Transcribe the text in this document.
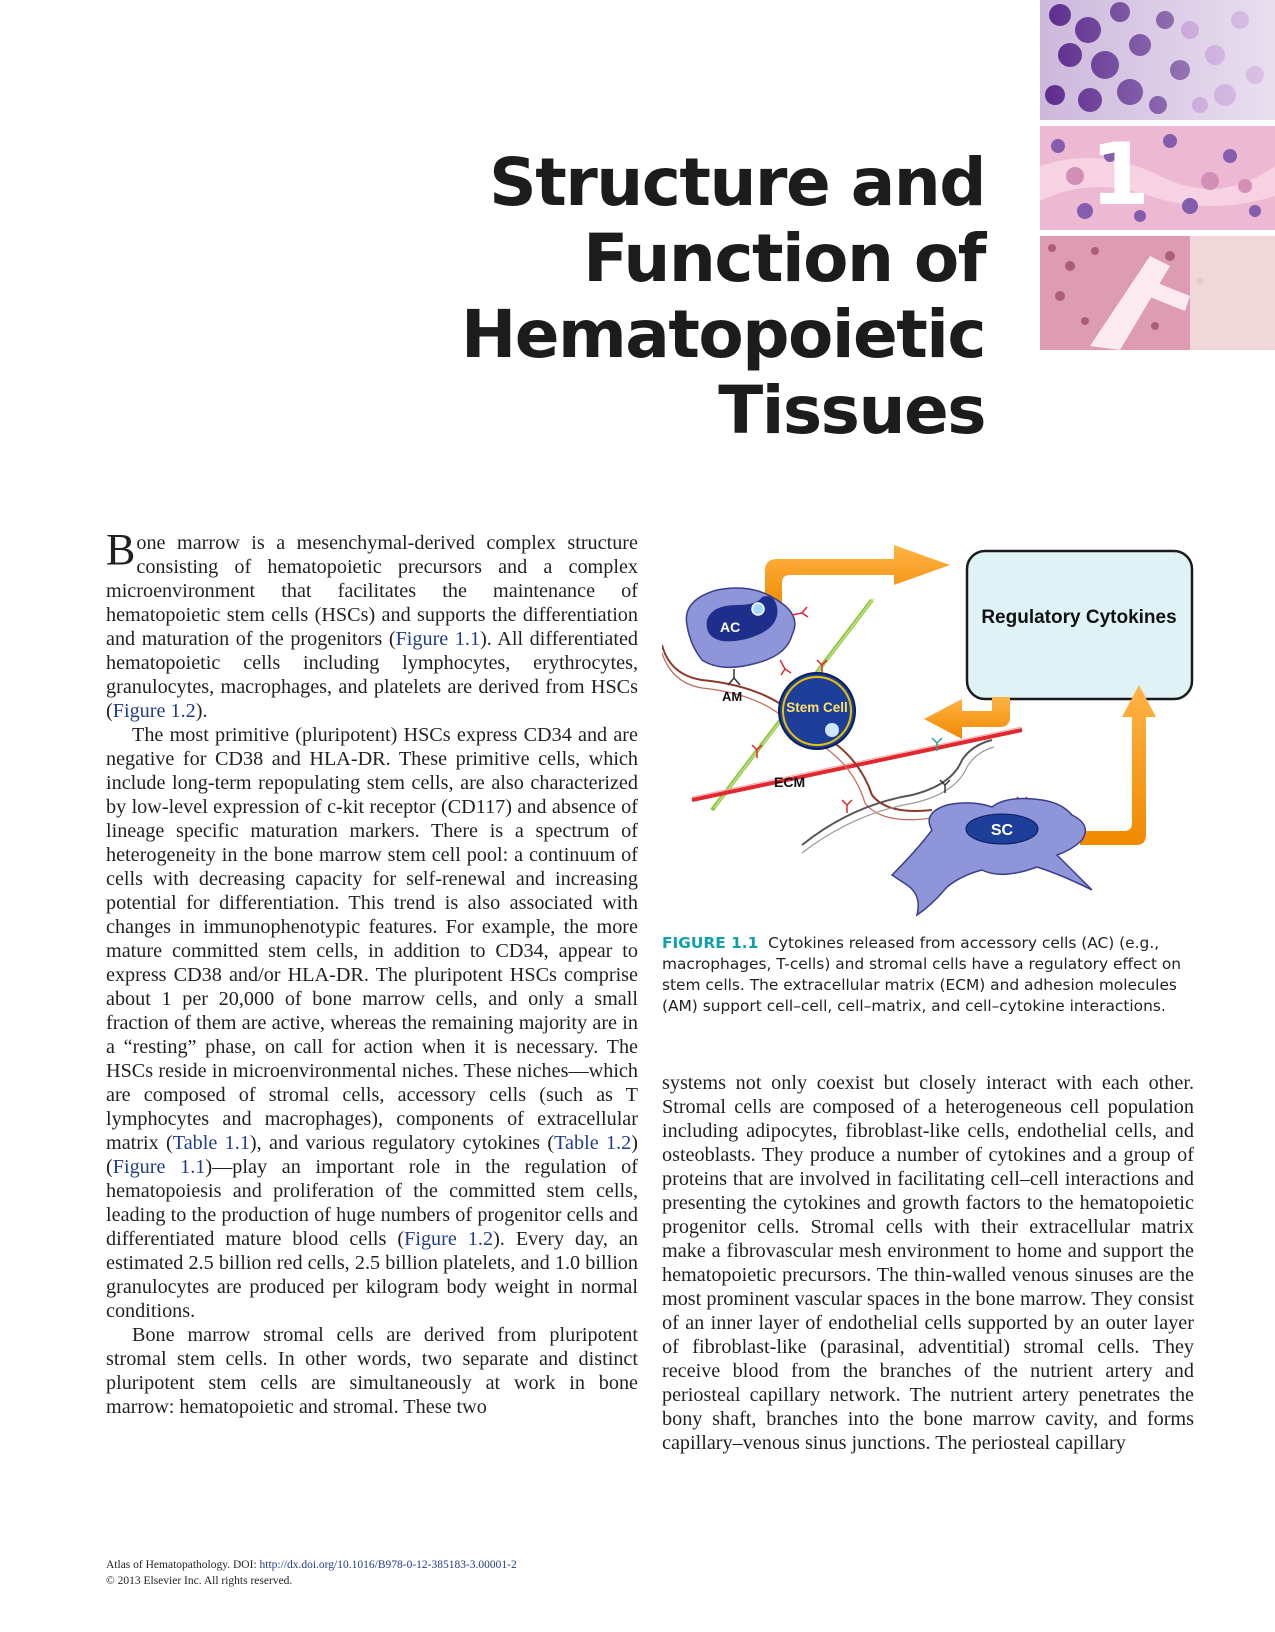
1
Structure and
Function of
Hematopoietic Tissues

Bone marrow is a mesenchymal-derived complex structure consisting of hematopoietic precursors and a complex microenvironment that facilitates the maintenance of hematopoietic stem cells (HSCs) and supports the differentiation and maturation of the progenitors (Figure 1.1). All differentiated hematopoietic cells including lymphocytes, erythrocytes, granulocytes, macrophages, and platelets are derived from HSCs (Figure 1.2).

The most primitive (pluripotent) HSCs express CD34 and are negative for CD38 and HLA-DR. These primitive cells, which include long-term repopulating stem cells, are also characterized by low-level expression of c-kit receptor (CD117) and absence of lineage specific maturation markers. There is a spectrum of heterogeneity in the bone marrow stem cell pool: a continuum of cells with decreasing capacity for self-renewal and increasing potential for differentiation. This trend is also associated with changes in immunophenotypic features. For example, the more mature committed stem cells, in addition to CD34, appear to express CD38 and/or HLA-DR. The pluripotent HSCs comprise about 1 per 20,000 of bone marrow cells, and only a small fraction of them are active, whereas the remaining majority are in a “resting” phase, on call for action when it is necessary. The HSCs reside in microenvironmental niches. These niches—which are composed of stromal cells, accessory cells (such as T lymphocytes and macrophages), components of extracellular matrix (Table 1.1), and various regulatory cytokines (Table 1.2) (Figure 1.1)—play an important role in the regulation of hematopoiesis and proliferation of the committed stem cells, leading to the production of huge numbers of progenitor cells and differentiated mature blood cells (Figure 1.2). Every day, an estimated 2.5 billion red cells, 2.5 billion platelets, and 1.0 billion granulocytes are produced per kilogram body weight in normal conditions.

Bone marrow stromal cells are derived from pluripotent stromal stem cells. In other words, two separate and distinct pluripotent stem cells are simultaneously at work in bone marrow: hematopoietic and stromal. These two

Regulatory Cytokines
AC
AM
Stem Cell
ECM
SC
FIGURE 1.1 Cytokines released from accessory cells (AC) (e.g., macrophages, T-cells) and stromal cells have a regulatory effect on stem cells. The extracellular matrix (ECM) and adhesion molecules (AM) support cell–cell, cell–matrix, and cell–cytokine interactions.

systems not only coexist but closely interact with each other. Stromal cells are composed of a heterogeneous cell population including adipocytes, fibroblast-like cells, endothelial cells, and osteoblasts. They produce a number of cytokines and a group of proteins that are involved in facilitating cell–cell interactions and presenting the cytokines and growth factors to the hematopoietic progenitor cells. Stromal cells with their extracellular matrix make a fibrovascular mesh environment to home and support the hematopoietic precursors. The thin-walled venous sinuses are the most prominent vascular spaces in the bone marrow. They consist of an inner layer of endothelial cells supported by an outer layer of fibroblast-like (parasinal, adventitial) stromal cells. They receive blood from the branches of the nutrient artery and periosteal capillary network. The nutrient artery penetrates the bony shaft, branches into the bone marrow cavity, and forms capillary–venous sinus junctions. The periosteal capillary

Atlas of Hematopathology. DOI: http://dx.doi.org/10.1016/B978-0-12-385183-3.00001-2
© 2013 Elsevier Inc. All rights reserved.
